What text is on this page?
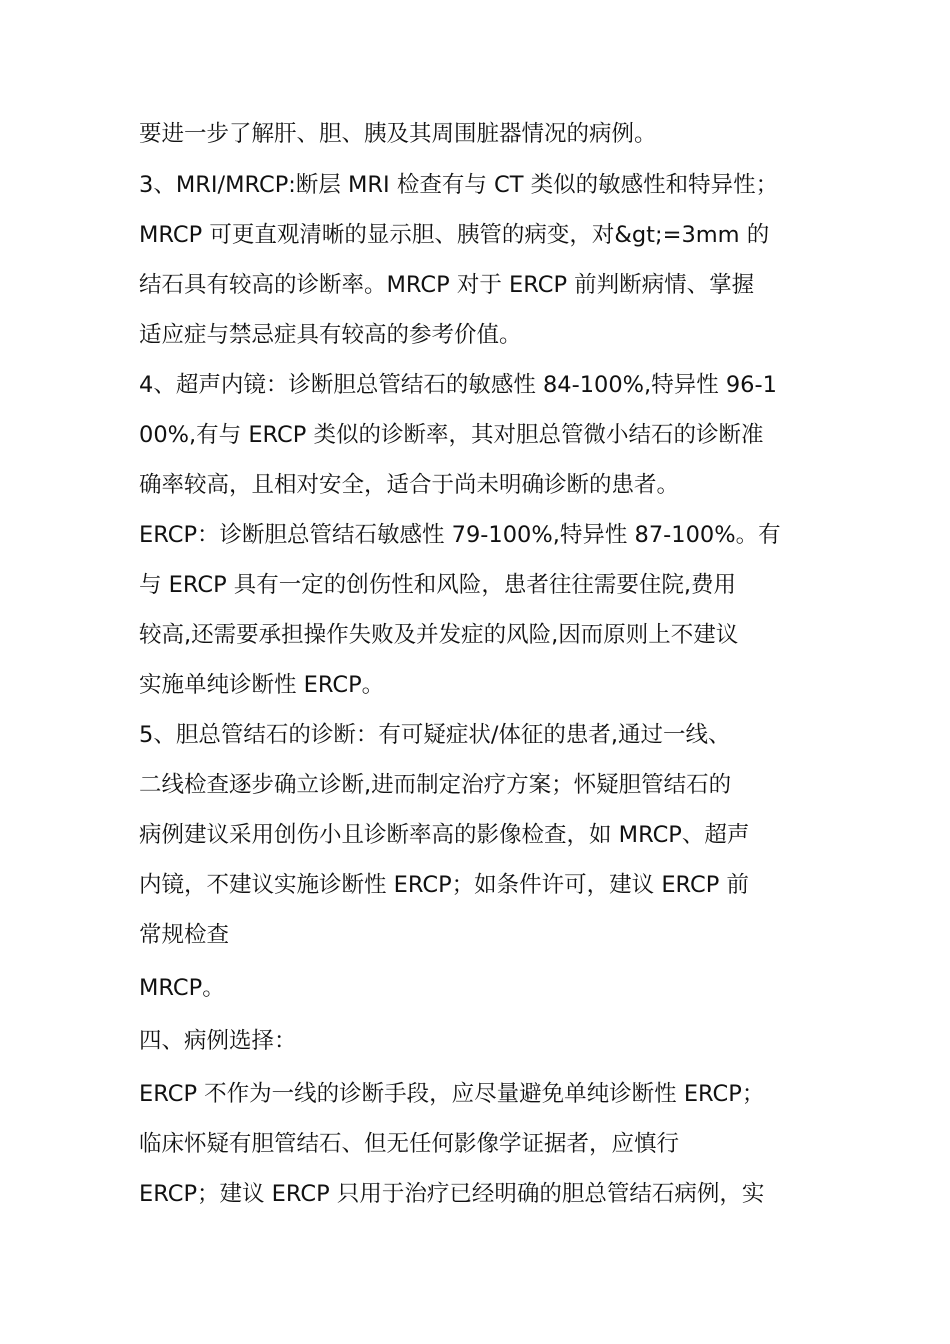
要进一步了解肝、胆、胰及其周围脏器情况的病例。
3、MRI/MRCP:断层 MRI 检查有与 CT 类似的敏感性和特异性；
MRCP 可更直观清晰的显示胆、胰管的病变，对&gt;=3mm 的
结石具有较高的诊断率。MRCP 对于 ERCP 前判断病情、掌握
适应症与禁忌症具有较高的参考价值。
4、超声内镜：诊断胆总管结石的敏感性 84-100%,特异性 96-1
00%,有与 ERCP 类似的诊断率，其对胆总管微小结石的诊断准
确率较高，且相对安全，适合于尚未明确诊断的患者。
ERCP：诊断胆总管结石敏感性 79-100%,特异性 87-100%。有
与 ERCP 具有一定的创伤性和风险，患者往往需要住院,费用
较高,还需要承担操作失败及并发症的风险,因而原则上不建议
实施单纯诊断性 ERCP。
5、胆总管结石的诊断：有可疑症状/体征的患者,通过一线、
二线检查逐步确立诊断,进而制定治疗方案；怀疑胆管结石的
病例建议采用创伤小且诊断率高的影像检查，如 MRCP、超声
内镜，不建议实施诊断性 ERCP；如条件许可，建议 ERCP 前
常规检查
MRCP。
四、病例选择：
ERCP 不作为一线的诊断手段，应尽量避免单纯诊断性 ERCP；
临床怀疑有胆管结石、但无任何影像学证据者，应慎行
ERCP；建议 ERCP 只用于治疗已经明确的胆总管结石病例，实
